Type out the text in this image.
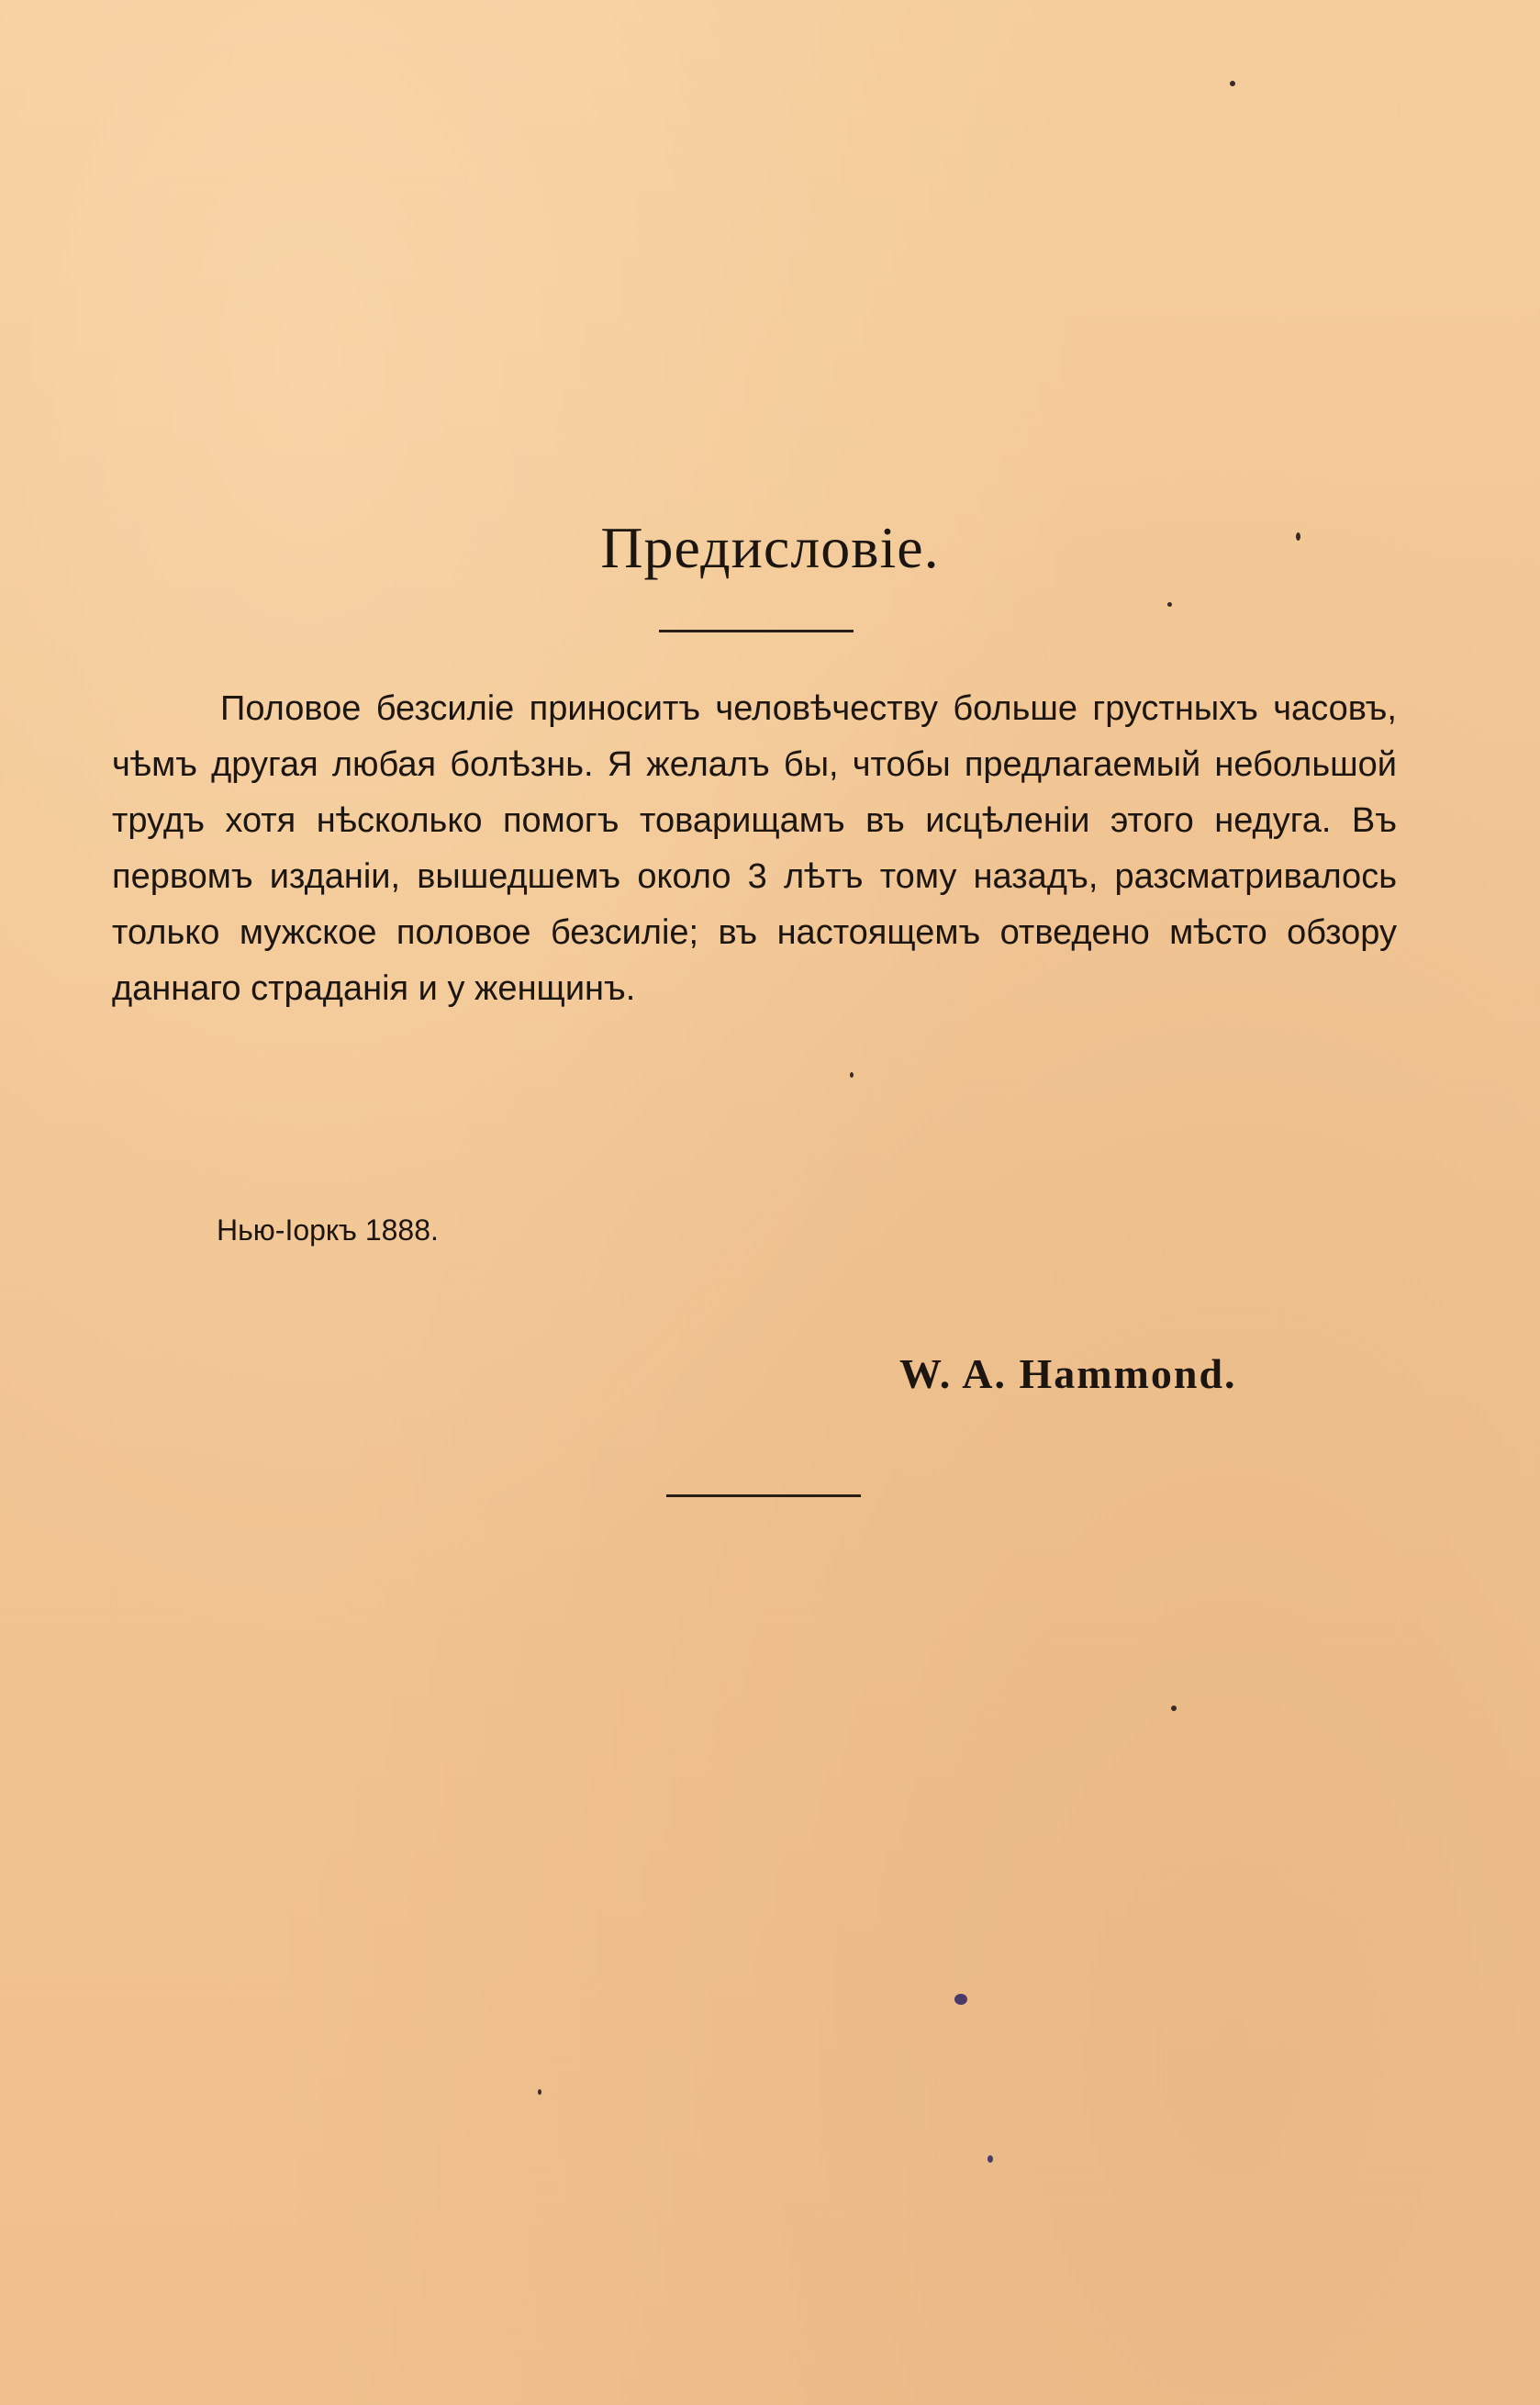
Предисловіе.
Половое безсиліе приноситъ человѣчеству больше грустныхъ часовъ, чѣмъ другая любая болѣзнь. Я желалъ бы, чтобы предлагаемый небольшой трудъ хотя нѣсколько помогъ товарищамъ въ исцѣленіи этого недуга. Въ первомъ изданіи, вышедшемъ около 3 лѣтъ тому назадъ, разсматривалось только мужское половое безсиліе; въ настоящемъ отведено мѣсто обзору даннаго страданія и у женщинъ.
Нью-Іоркъ 1888.
W. A. Hammond.
